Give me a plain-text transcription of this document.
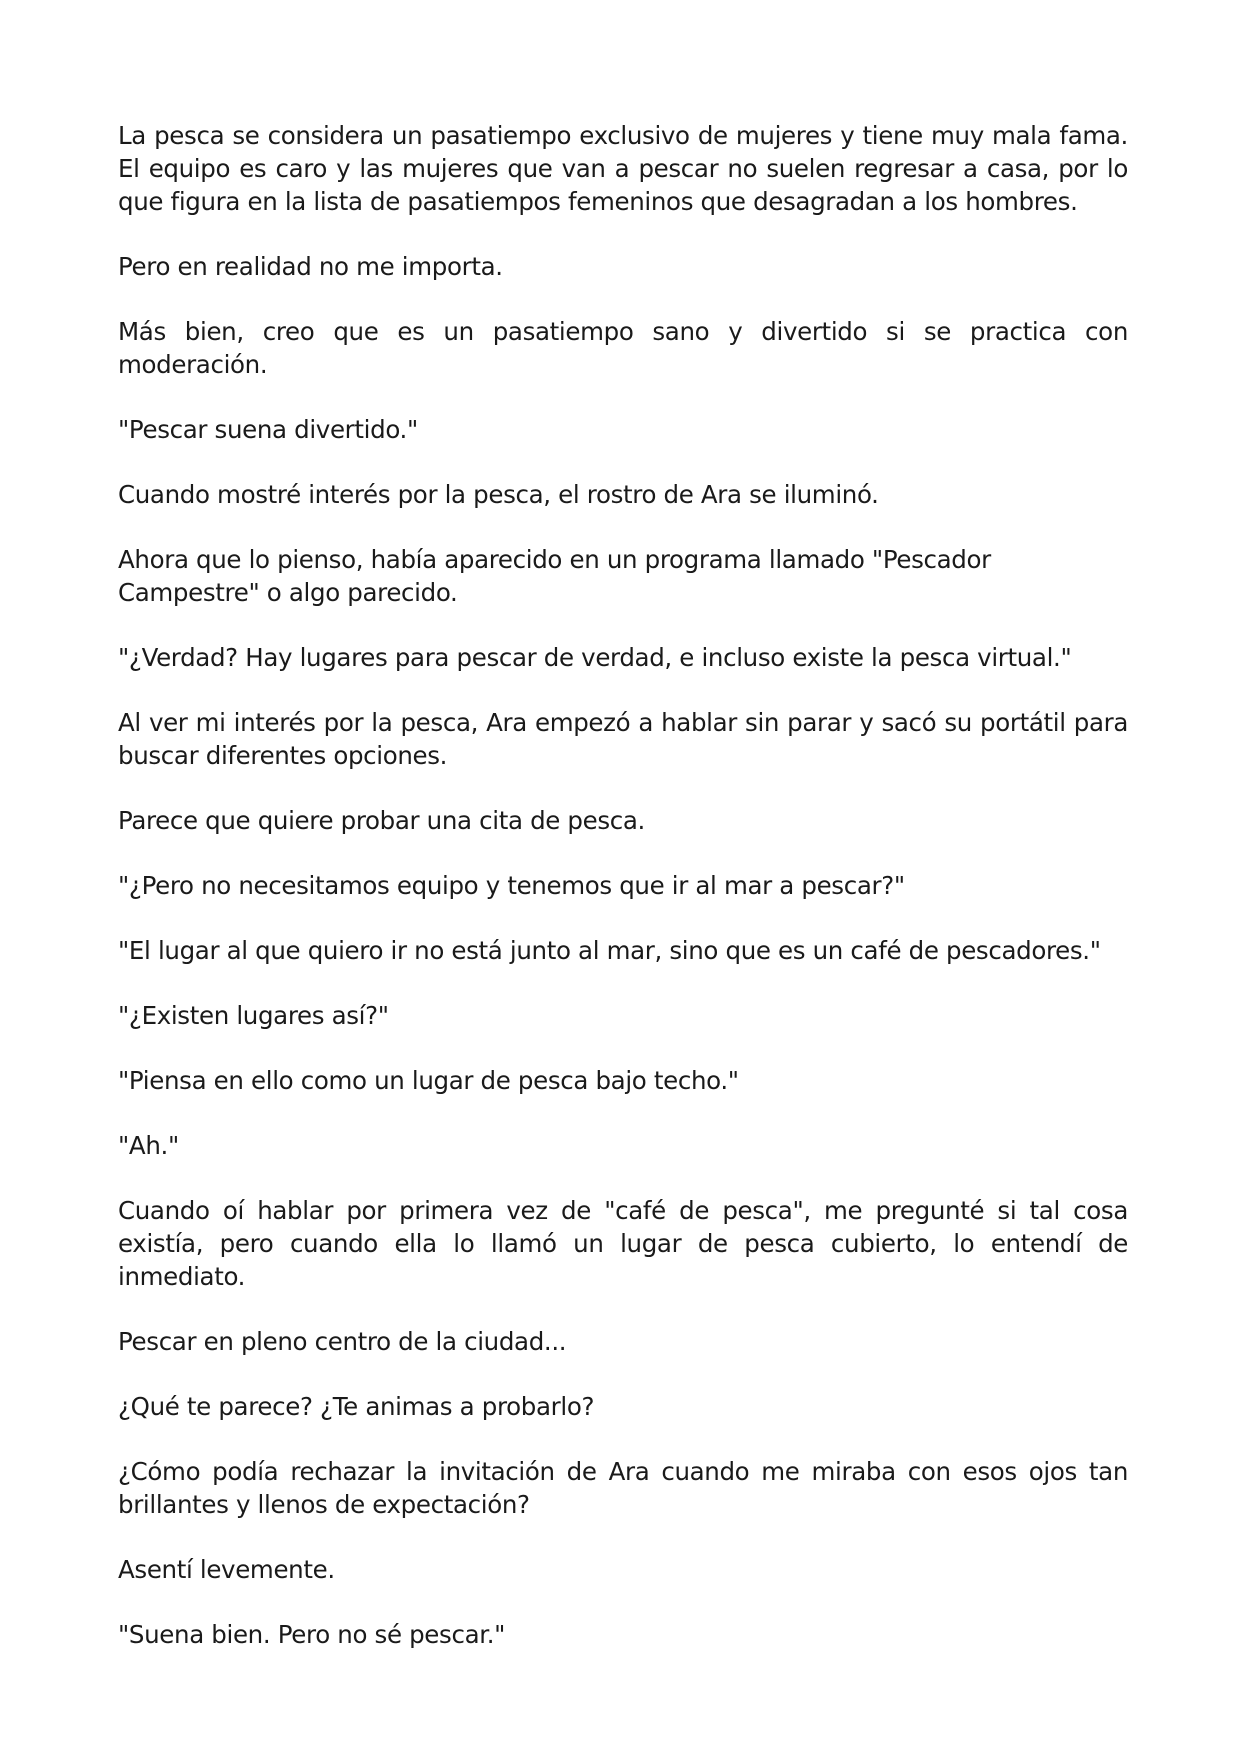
La pesca se considera un pasatiempo exclusivo de mujeres y tiene muy mala fama. El equipo es caro y las mujeres que van a pescar no suelen regresar a casa, por lo que figura en la lista de pasatiempos femeninos que desagradan a los hombres.

Pero en realidad no me importa.

Más bien, creo que es un pasatiempo sano y divertido si se practica con moderación.

"Pescar suena divertido."

Cuando mostré interés por la pesca, el rostro de Ara se iluminó.

Ahora que lo pienso, había aparecido en un programa llamado "Pescador Campestre" o algo parecido.

"¿Verdad? Hay lugares para pescar de verdad, e incluso existe la pesca virtual."

Al ver mi interés por la pesca, Ara empezó a hablar sin parar y sacó su portátil para buscar diferentes opciones.

Parece que quiere probar una cita de pesca.

"¿Pero no necesitamos equipo y tenemos que ir al mar a pescar?"

"El lugar al que quiero ir no está junto al mar, sino que es un café de pescadores."

"¿Existen lugares así?"

"Piensa en ello como un lugar de pesca bajo techo."

"Ah."

Cuando oí hablar por primera vez de "café de pesca", me pregunté si tal cosa existía, pero cuando ella lo llamó un lugar de pesca cubierto, lo entendí de inmediato.

Pescar en pleno centro de la ciudad...

¿Qué te parece? ¿Te animas a probarlo?

¿Cómo podía rechazar la invitación de Ara cuando me miraba con esos ojos tan brillantes y llenos de expectación?

Asentí levemente.

"Suena bien. Pero no sé pescar."
